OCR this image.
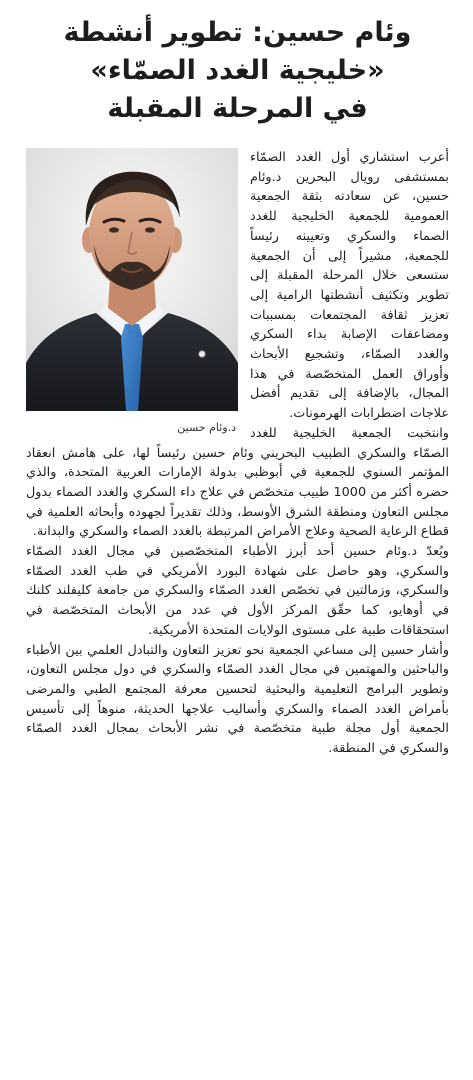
وئام حسين: تطوير أنشطة
«خليجية الغدد الصمّاء»
في المرحلة المقبلة
د.وئام حسين

أعرب استشاري أول الغدد الصمّاء بمستشفى رويال البحرين د.وئام حسين، عن سعادته بثقة الجمعية العمومية للجمعية الخليجية للغدد الصماء والسكري وتعيينه رئيساً للجمعية، مشيراً إلى أن الجمعية ستسعى خلال المرحلة المقبلة إلى تطوير وتكثيف أنشطتها الرامية إلى تعزيز ثقافة المجتمعات بمسببات ومضاعفات الإصابة بداء السكري والغدد الصمّاء، وتشجيع الأبحاث وأوراق العمل المتخصّصة في هذا المجال، بالإضافة إلى تقديم أفضل علاجات اضطرابات الهرمونات.

وانتخبت الجمعية الخليجية للغدد الصمّاء والسكري الطبيب البحريني وئام حسين رئيساً لها، على هامش انعقاد المؤتمر السنوي للجمعية في أبوظبي بدولة الإمارات العربية المتحدة، والذي حضره أكثر من 1000 طبيب متخصّص في علاج داء السكري والغدد الصماء بدول مجلس التعاون ومنطقة الشرق الأوسط، وذلك تقديراً لجهوده وأبحاثه العلمية في قطاع الرعاية الصحية وعلاج الأمراض المرتبطة بالغدد الصماء والسكري والبدانة.

ويُعدّ د.وئام حسين أحد أبرز الأطباء المتخصّصين في مجال الغدد الصمّاء والسكري، وهو حاصل على شهادة البورد الأمريكي في طب الغدد الصمّاء والسكري، وزمالتين في تخصّص الغدد الصمّاء والسكري من جامعة كليفلند كلنك في أوهايو، كما حقّق المركز الأول في عدد من الأبحاث المتخصّصة في استحقاقات طبية على مستوى الولايات المتحدة الأمريكية.

وأشار حسين إلى مساعي الجمعية نحو تعزيز التعاون والتبادل العلمي بين الأطباء والباحثين والمهتمين في مجال الغدد الصمّاء والسكري في دول مجلس التعاون، وتطوير البرامج التعليمية والبحثية لتحسين معرفة المجتمع الطبي والمرضى بأمراض الغدد الصماء والسكري وأساليب علاجها الحديثة، منوهاً إلى تأسيس الجمعية أول مجلة طبية متخصّصة في نشر الأبحاث بمجال الغدد الصمّاء والسكري في المنطقة.
